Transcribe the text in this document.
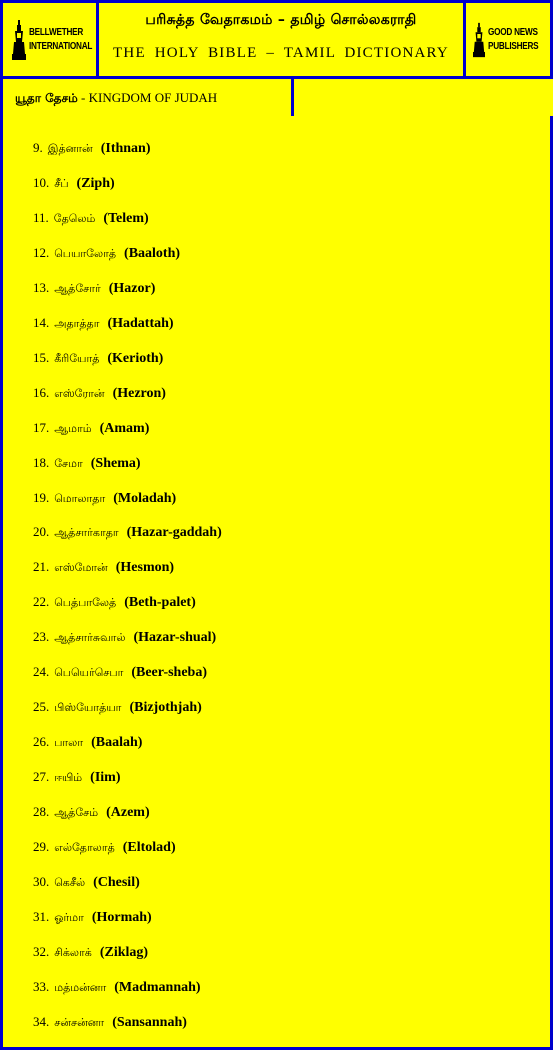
BELLWETHER
INTERNATIONAL
பரிசுத்த வேதாகமம் – தமிழ் சொல்லகராதி
THE HOLY BIBLE – TAMIL DICTIONARY
GOOD NEWS
PUBLISHERS
யூதா தேசம் - KINGDOM OF JUDAH
9. இத்னான் (Ithnan)
10. சீப் (Ziph)
11. தேலெம் (Telem)
12. பெயாலோத் (Baaloth)
13. ஆத்சோர் (Hazor)
14. அதாத்தா (Hadattah)
15. கீரியோத் (Kerioth)
16. எஸ்ரோன் (Hezron)
17. ஆமாம் (Amam)
18. சேமா (Shema)
19. மொலாதா (Moladah)
20. ஆத்சார்காதா (Hazar-gaddah)
21. எஸ்மோன் (Hesmon)
22. பெத்பாலேத் (Beth-palet)
23. ஆத்சார்சுவால் (Hazar-shual)
24. பெயெர்செபா (Beer-sheba)
25. பிஸ்யோத்யா (Bizjothjah)
26. பாலா (Baalah)
27. ஈயிம் (Iim)
28. ஆத்சேம் (Azem)
29. எல்தோலாத் (Eltolad)
30. கெசீல் (Chesil)
31. ஓர்மா (Hormah)
32. சிக்லாக் (Ziklag)
33. மத்மன்னா (Madmannah)
34. சன்சன்னா (Sansannah)
